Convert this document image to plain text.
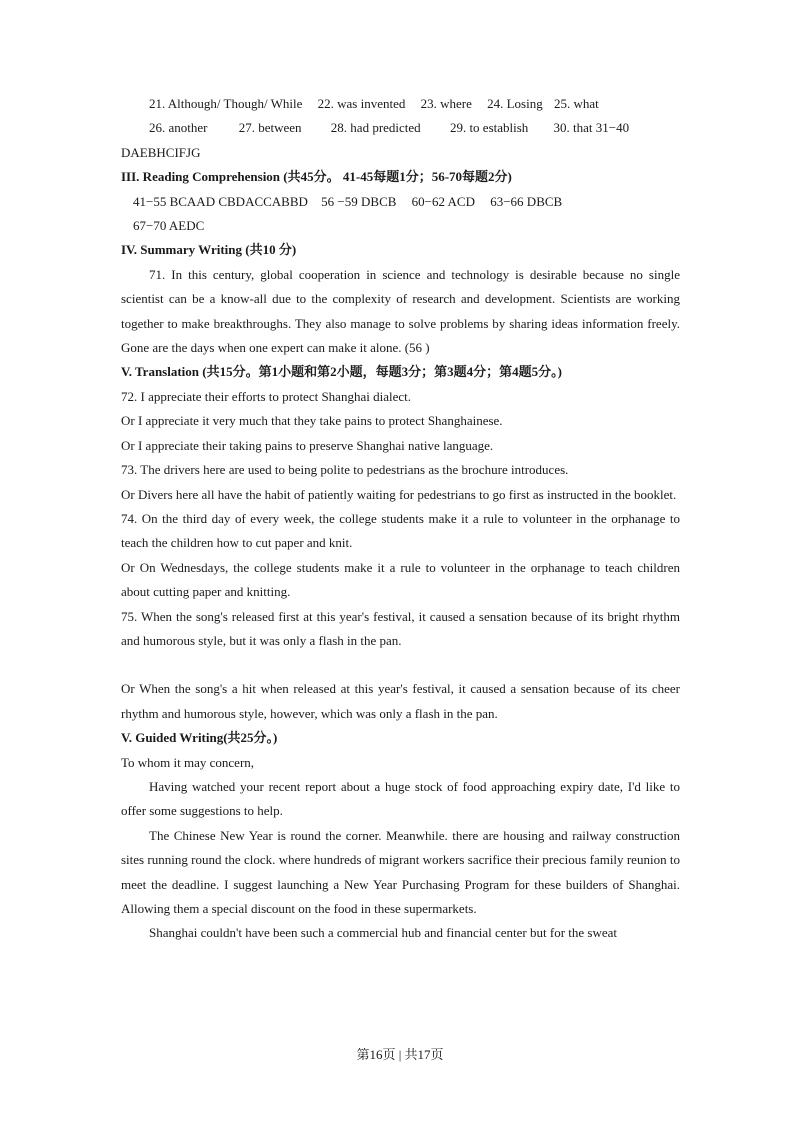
21. Although/ Though/ While 22. was invented 23. where 24. Losing 25. what
26. another 27. between 28. had predicted 29. to establish 30. that 31−40

DAEBHCIFJG

III. Reading Comprehension (共45分。 41-45每题1分；56-70每题2分)

41−55 BCAAD CBDACCABBD 56 −59 DBCB 60−62 ACD 63−66 DBCB

67−70 AEDC

IV. Summary Writing (共10 分)

71. In this century, global cooperation in science and technology is desirable because no single scientist can be a know-all due to the complexity of research and development. Scientists are working together to make breakthroughs. They also manage to solve problems by sharing ideas information freely. Gone are the days when one expert can make it alone. (56 )

V. Translation (共15分。第1小题和第2小题，每题3分；第3题4分；第4题5分。)

72. I appreciate their efforts to protect Shanghai dialect.

Or I appreciate it very much that they take pains to protect Shanghainese.

Or I appreciate their taking pains to preserve Shanghai native language.

73. The drivers here are used to being polite to pedestrians as the brochure introduces.

Or Divers here all have the habit of patiently waiting for pedestrians to go first as instructed in the booklet.

74. On the third day of every week, the college students make it a rule to volunteer in the orphanage to teach the children how to cut paper and knit.

Or On Wednesdays, the college students make it a rule to volunteer in the orphanage to teach children about cutting paper and knitting.

75. When the song's released first at this year's festival, it caused a sensation because of its bright rhythm and humorous style, but it was only a flash in the pan.

Or When the song's a hit when released at this year's festival, it caused a sensation because of its cheer rhythm and humorous style, however, which was only a flash in the pan.

V. Guided Writing(共25分。)

To whom it may concern,

Having watched your recent report about a huge stock of food approaching expiry date, I'd like to offer some suggestions to help.

The Chinese New Year is round the corner. Meanwhile. there are housing and railway construction sites running round the clock. where hundreds of migrant workers sacrifice their precious family reunion to meet the deadline. I suggest launching a New Year Purchasing Program for these builders of Shanghai. Allowing them a special discount on the food in these supermarkets.

Shanghai couldn't have been such a commercial hub and financial center but for the sweat

第16页 | 共17页
